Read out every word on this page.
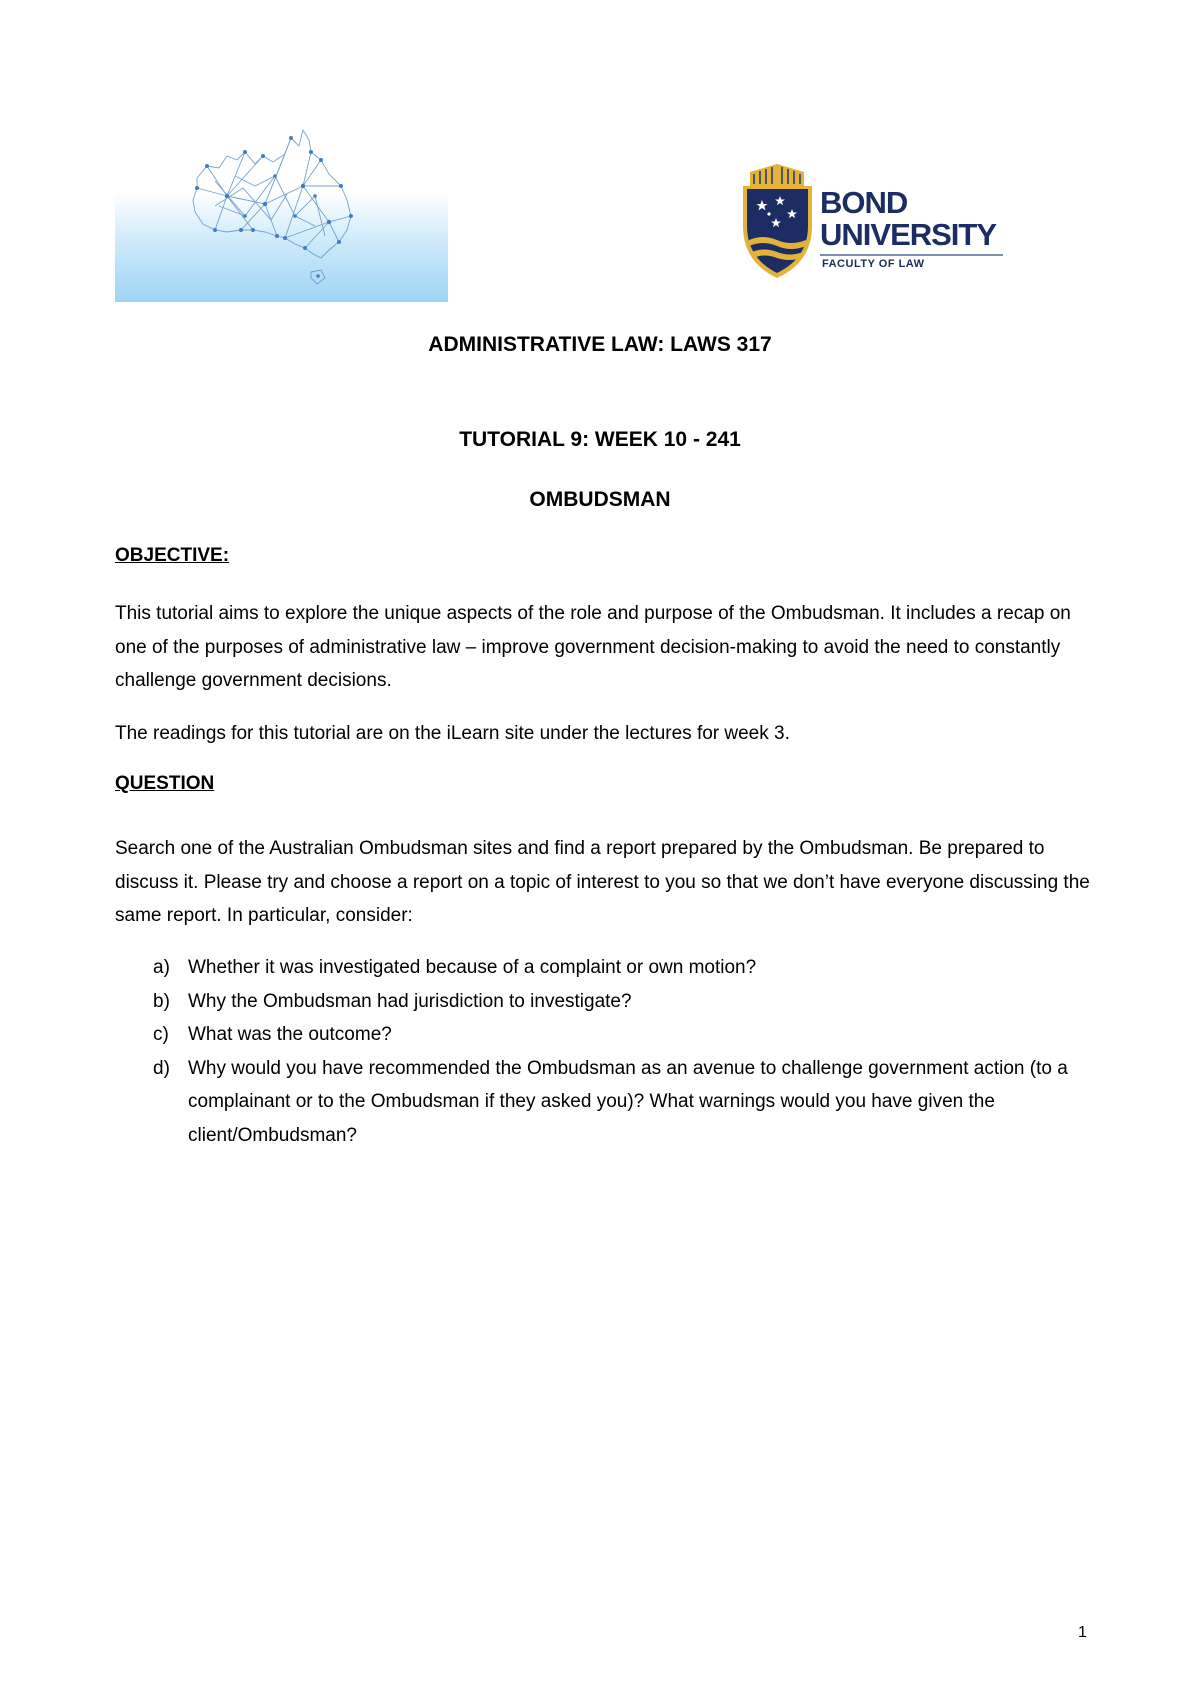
BOND
UNIVERSITY
FACULTY OF LAW
ADMINISTRATIVE LAW: LAWS 317
TUTORIAL 9: WEEK 10 - 241
OMBUDSMAN
OBJECTIVE:

This tutorial aims to explore the unique aspects of the role and purpose of the Ombudsman. It includes a recap on one of the purposes of administrative law – improve government decision-making to avoid the need to constantly challenge government decisions.

The readings for this tutorial are on the iLearn site under the lectures for week 3.

QUESTION

Search one of the Australian Ombudsman sites and find a report prepared by the Ombudsman. Be prepared to discuss it. Please try and choose a report on a topic of interest to you so that we don’t have everyone discussing the same report. In particular, consider:

a) Whether it was investigated because of a complaint or own motion?
b) Why the Ombudsman had jurisdiction to investigate?
c) What was the outcome?
d) Why would you have recommended the Ombudsman as an avenue to challenge government action (to a complainant or to the Ombudsman if they asked you)? What warnings would you have given the client/Ombudsman?
1
